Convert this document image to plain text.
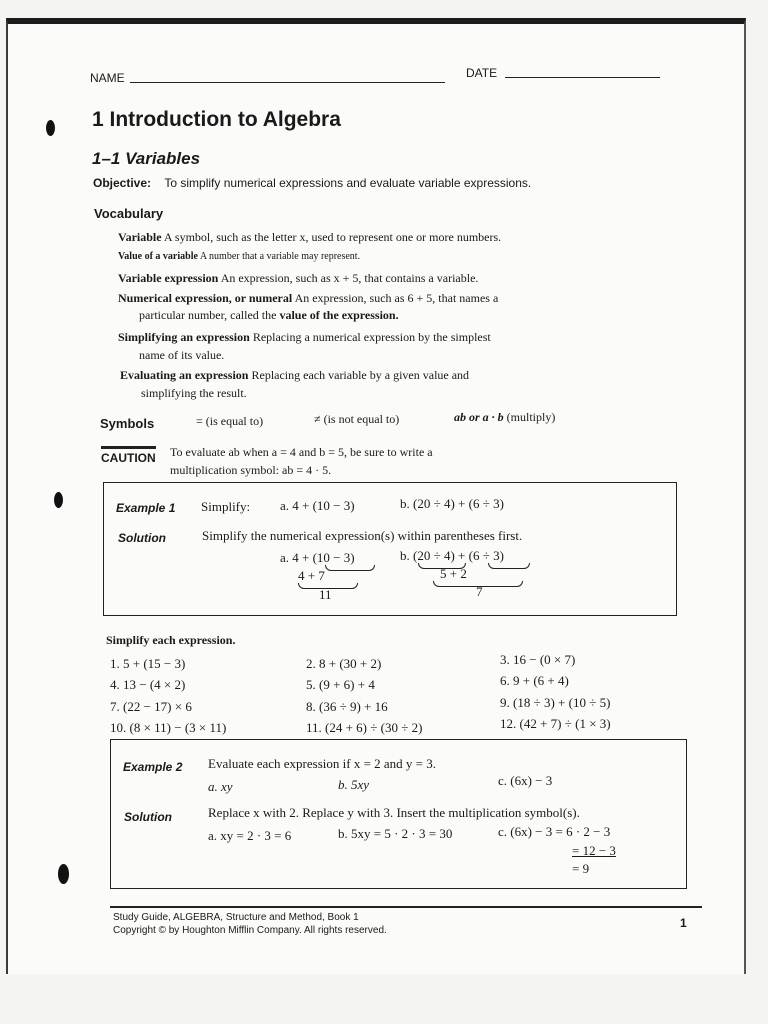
NAME	DATE
1 Introduction to Algebra
1–1 Variables
Objective: To simplify numerical expressions and evaluate variable expressions.
Vocabulary
Variable A symbol, such as the letter x, used to represent one or more numbers.
Value of a variable A number that a variable may represent.
Variable expression An expression, such as x + 5, that contains a variable.
Numerical expression, or numeral An expression, such as 6 + 5, that names a
particular number, called the value of the expression.
Simplifying an expression Replacing a numerical expression by the simplest
name of its value.
Evaluating an expression Replacing each variable by a given value and
simplifying the result.
Symbols	= (is equal to)	≠ (is not equal to)	ab or a · b (multiply)
CAUTION To evaluate ab when a = 4 and b = 5, be sure to write a
multiplication symbol: ab = 4 · 5.
Example 1 Simplify: a. 4 + (10 − 3)	b. (20 ÷ 4) + (6 ÷ 3)
Solution	Simplify the numerical expression(s) within parentheses first.
a. 4 + (10 − 3)
4 + 7
11
b. (20 ÷ 4) + (6 ÷ 3)
5 + 2
7
Simplify each expression.
1. 5 + (15 − 3)	2. 8 + (30 + 2)	3. 16 − (0 × 7)
4. 13 − (4 × 2)	5. (9 + 6) + 4	6. 9 + (6 + 4)
7. (22 − 17) × 6	8. (36 ÷ 9) + 16	9. (18 ÷ 3) + (10 ÷ 5)
10. (8 × 11) − (3 × 11)	11. (24 + 6) ÷ (30 ÷ 2)	12. (42 + 7) ÷ (1 × 3)
Example 2 Evaluate each expression if x = 2 and y = 3.
a. xy	b. 5xy	c. (6x) − 3
Solution	Replace x with 2. Replace y with 3. Insert the multiplication symbol(s).
a. xy = 2 · 3 = 6	b. 5xy = 5 · 2 · 3 = 30	c. (6x) − 3 = 6 · 2 − 3
= 12 − 3
= 9
Study Guide, ALGEBRA, Structure and Method, Book 1
Copyright © by Houghton Mifflin Company. All rights reserved.
1
